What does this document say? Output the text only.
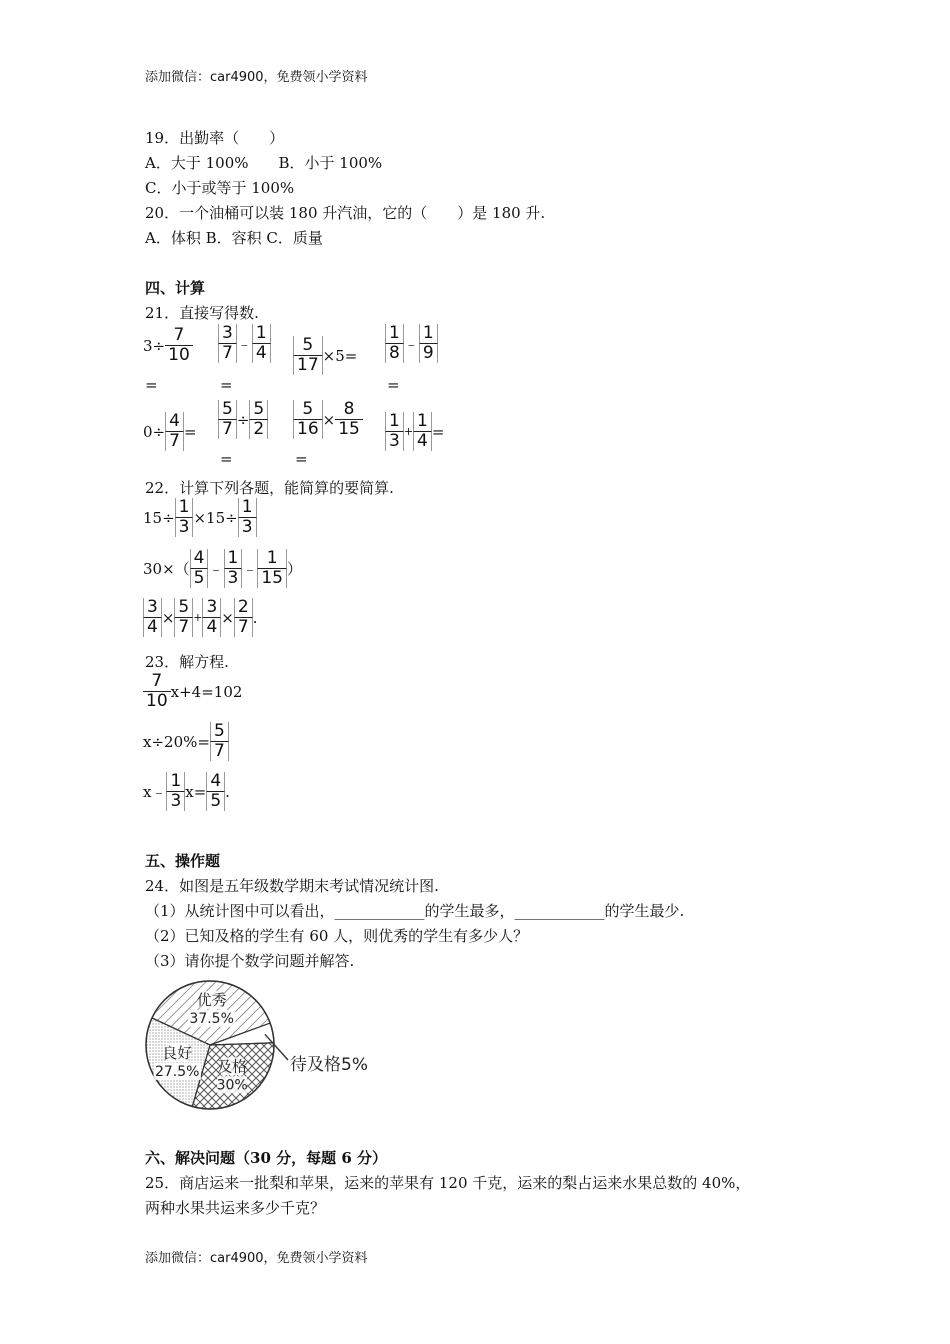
添加微信：car4900，免费领小学资料
19．出勤率（　　）
A．大于 100%　　B．小于 100%
C．小于或等于 100%
20．一个油桶可以装 180 升汽油，它的（　　）是 180 升.
A．体积 B．容积 C．质量
四、计算
21．直接写得数.
$3\div \frac{7}{10}$
=
$\frac{3}{7}$ ﹣ $\frac{1}{4}$
=
$\frac{5}{17} \times 5= \frac{1}{8}$ ﹣ $\frac{1}{9}$
=
$0\div \frac{4}{7} = \frac{5}{7} \div \frac{5}{2}$
=
$\frac{5}{16} \times \frac{8}{15}$
=
$\frac{1}{3} + \frac{1}{4}$ =
22．计算下列各题，能简算的要简算.
$15\div \frac{1}{3} \times 15\div \frac{1}{3}$
$30\times( \frac{4}{5}$ ﹣ $\frac{1}{3}$ ﹣ $\frac{1}{15}$ ）
$\frac{3}{4} \times \frac{5}{7} + \frac{3}{4} \times \frac{2}{7}$ .
23．解方程.
$\frac{7}{10} x+4=102$
$x\div 20\%= \frac{5}{7}$
x﹣ $\frac{1}{3} x= \frac{4}{5}$ .
五、操作题
24．如图是五年级数学期末考试情况统计图.
（1）从统计图中可以看出，____________的学生最多，____________的学生最少.
（2）已知及格的学生有 60 人，则优秀的学生有多少人？
（3）请你提个数学问题并解答.
优秀
37.5%
良好
27.5% 及格
30%
待及格5%
六、解决问题（30 分，每题 6 分）
25．商店运来一批梨和苹果，运来的苹果有 120 千克，运来的梨占运来水果总数的 40%，
两种水果共运来多少千克？
添加微信：car4900，免费领小学资料
